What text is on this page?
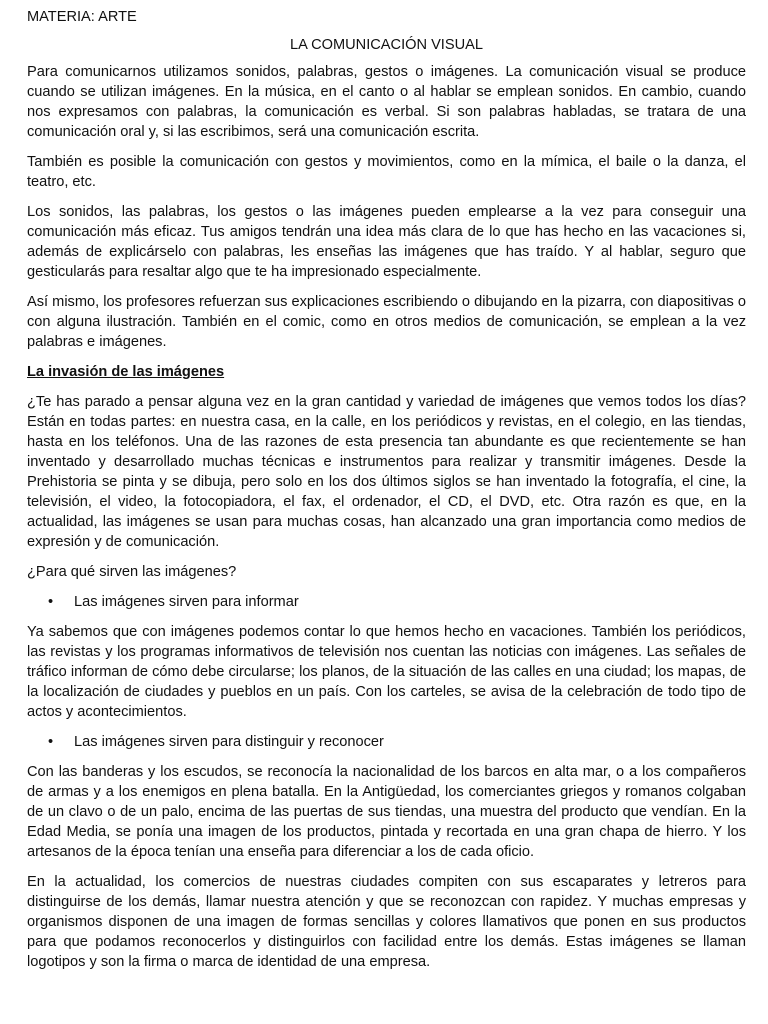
MATERIA: ARTE
LA COMUNICACIÓN VISUAL

Para comunicarnos utilizamos sonidos, palabras, gestos o imágenes. La comunicación visual se produce cuando se utilizan imágenes. En la música, en el canto o al hablar se emplean sonidos. En cambio, cuando nos expresamos con palabras, la comunicación es verbal. Si son palabras habladas, se tratara de una comunicación oral y, si las escribimos, será una comunicación escrita.

También es posible la comunicación con gestos y movimientos, como en la mímica, el baile o la danza, el teatro, etc.

Los sonidos, las palabras, los gestos o las imágenes pueden emplearse a la vez para conseguir una comunicación más eficaz. Tus amigos tendrán una idea más clara de lo que has hecho en las vacaciones si, además de explicárselo con palabras, les enseñas las imágenes que has traído. Y al hablar, seguro que gesticularás para resaltar algo que te ha impresionado especialmente.

Así mismo, los profesores refuerzan sus explicaciones escribiendo o dibujando en la pizarra, con diapositivas o con alguna ilustración. También en el comic, como en otros medios de comunicación, se emplean a la vez palabras e imágenes.

La invasión de las imágenes

¿Te has parado a pensar alguna vez en la gran cantidad y variedad de imágenes que vemos todos los días? Están en todas partes: en nuestra casa, en la calle, en los periódicos y revistas, en el colegio, en las tiendas, hasta en los teléfonos. Una de las razones de esta presencia tan abundante es que recientemente se han inventado y desarrollado muchas técnicas e instrumentos para realizar y transmitir imágenes. Desde la Prehistoria se pinta y se dibuja, pero solo en los dos últimos siglos se han inventado la fotografía, el cine, la televisión, el video, la fotocopiadora, el fax, el ordenador, el CD, el DVD, etc. Otra razón es que, en la actualidad, las imágenes se usan para muchas cosas, han alcanzado una gran importancia como medios de expresión y de comunicación.

¿Para qué sirven las imágenes?
•	Las imágenes sirven para informar

Ya sabemos que con imágenes podemos contar lo que hemos hecho en vacaciones. También los periódicos, las revistas y los programas informativos de televisión nos cuentan las noticias con imágenes. Las señales de tráfico informan de cómo debe circularse; los planos, de la situación de las calles en una ciudad; los mapas, de la localización de ciudades y pueblos en un país. Con los carteles, se avisa de la celebración de todo tipo de actos y acontecimientos.

•	Las imágenes sirven para distinguir y reconocer

Con las banderas y los escudos, se reconocía la nacionalidad de los barcos en alta mar, o a los compañeros de armas y a los enemigos en plena batalla. En la Antigüedad, los comerciantes griegos y romanos colgaban de un clavo o de un palo, encima de las puertas de sus tiendas, una muestra del producto que vendían. En la Edad Media, se ponía una imagen de los productos, pintada y recortada en una gran chapa de hierro. Y los artesanos de la época tenían una enseña para diferenciar a los de cada oficio.

En la actualidad, los comercios de nuestras ciudades compiten con sus escaparates y letreros para distinguirse de los demás, llamar nuestra atención y que se reconozcan con rapidez. Y muchas empresas y organismos disponen de una imagen de formas sencillas y colores llamativos que ponen en sus productos para que podamos reconocerlos y distinguirlos con facilidad entre los demás. Estas imágenes se llaman logotipos y son la firma o marca de identidad de una empresa.
